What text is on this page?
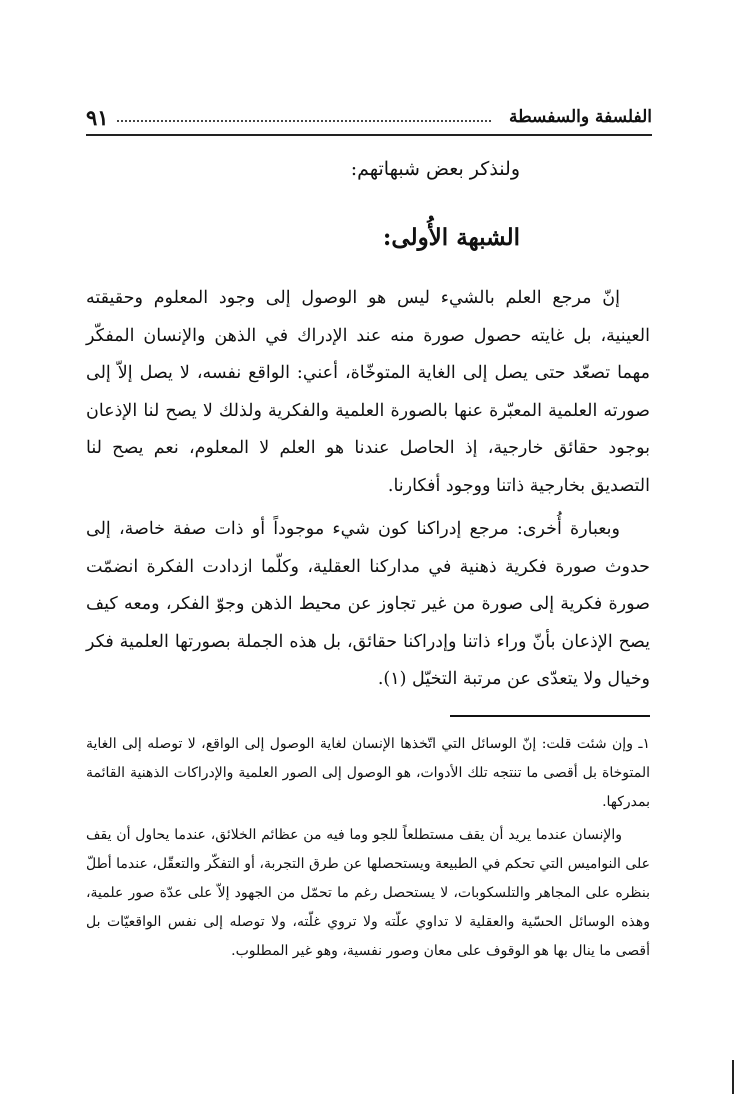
الفلسفة والسفسطة
٩١
ولنذكر بعض شبهاتهم:
الشبهة الأُولى:

إنّ مرجع العلم بالشيء ليس هو الوصول إلى وجود المعلوم وحقيقته العينية، بل غايته حصول صورة منه عند الإدراك في الذهن والإنسان المفكّر مهما تصعّد حتى يصل إلى الغاية المتوخّاة، أعني: الواقع نفسه، لا يصل إلاّ إلى صورته العلمية المعبّرة عنها بالصورة العلمية والفكرية ولذلك لا يصح لنا الإذعان بوجود حقائق خارجية، إذ الحاصل عندنا هو العلم لا المعلوم، نعم يصح لنا التصديق بخارجية ذاتنا ووجود أفكارنا.

وبعبارة أُخرى: مرجع إدراكنا كون شيء موجوداً أو ذات صفة خاصة، إلى حدوث صورة فكرية ذهنية في مداركنا العقلية، وكلّما ازدادت الفكرة انضمّت صورة فكرية إلى صورة من غير تجاوز عن محيط الذهن وجوّ الفكر، ومعه كيف يصح الإذعان بأنّ وراء ذاتنا وإدراكنا حقائق، بل هذه الجملة بصورتها العلمية فكر وخيال ولا يتعدّى عن مرتبة التخيّل (١).

١ـ وإن شئت قلت: إنّ الوسائل التي اتّخذها الإنسان لغاية الوصول إلى الواقع، لا توصله إلى الغاية المتوخاة بل أقصى ما تنتجه تلك الأدوات، هو الوصول إلى الصور العلمية والإدراكات الذهنية القائمة بمدركها.

والإنسان عندما يريد أن يقف مستطلعاً للجو وما فيه من عظائم الخلائق، عندما يحاول أن يقف على النواميس التي تحكم في الطبيعة ويستحصلها عن طرق التجربة، أو التفكّر والتعقّل، عندما أطلّ بنظره على المجاهر والتلسكوبات، لا يستحصل رغم ما تحمّل من الجهود إلاّ على عدّة صور علمية، وهذه الوسائل الحسّية والعقلية لا تداوي علّته ولا تروي غلّته، ولا توصله إلى نفس الواقعيّات بل أقصى ما ينال بها هو الوقوف على معان وصور نفسية، وهو غير المطلوب.
